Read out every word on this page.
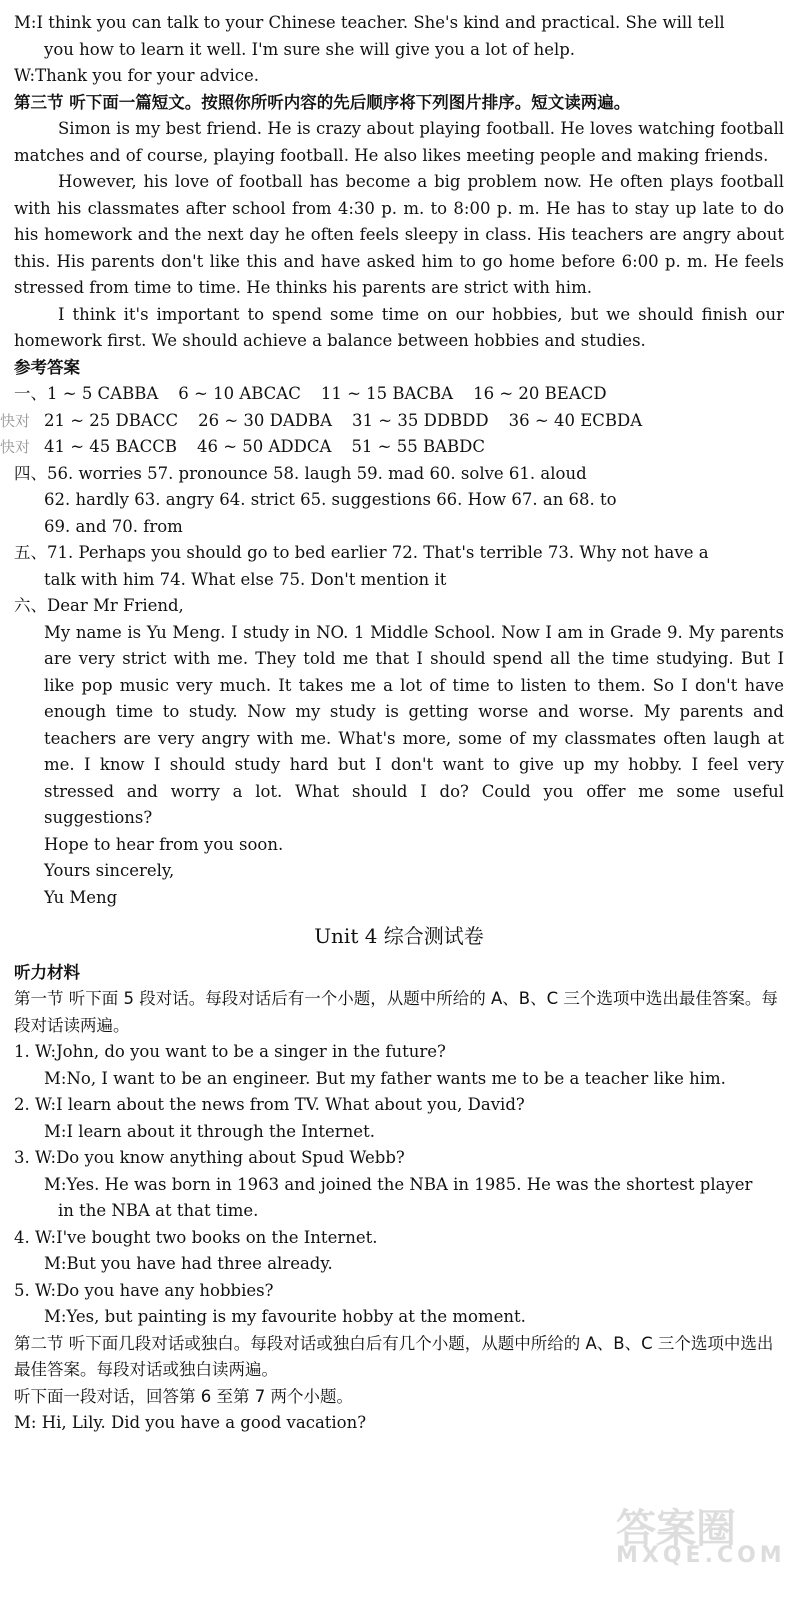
M:I think you can talk to your Chinese teacher. She's kind and practical. She will tell

you how to learn it well. I'm sure she will give you a lot of help.

W:Thank you for your advice.

第三节 听下面一篇短文。按照你所听内容的先后顺序将下列图片排序。短文读两遍。

Simon is my best friend. He is crazy about playing football. He loves watching football matches and of course, playing football. He also likes meeting people and making friends.

However, his love of football has become a big problem now. He often plays football with his classmates after school from 4:30 p. m. to 8:00 p. m. He has to stay up late to do his homework and the next day he often feels sleepy in class. His teachers are angry about this. His parents don't like this and have asked him to go home before 6:00 p. m. He feels stressed from time to time. He thinks his parents are strict with him.

I think it's important to spend some time on our hobbies, but we should finish our homework first. We should achieve a balance between hobbies and studies.

参考答案

一、1 ~ 5 CABBA 6 ~ 10 ABCAC 11 ~ 15 BACBA 16 ~ 20 BEACD
快对 21 ~ 25 DBACC 26 ~ 30 DADBA 31 ~ 35 DDBDD 36 ~ 40 ECBDA
快对 41 ~ 45 BACCB 46 ~ 50 ADDCA 51 ~ 55 BABDC

四、56. worries 57. pronounce 58. laugh 59. mad 60. solve 61. aloud

62. hardly 63. angry 64. strict 65. suggestions 66. How 67. an 68. to

69. and 70. from

五、71. Perhaps you should go to bed earlier 72. That's terrible 73. Why not have a

talk with him 74. What else 75. Don't mention it

六、Dear Mr Friend,

My name is Yu Meng. I study in NO. 1 Middle School. Now I am in Grade 9. My parents are very strict with me. They told me that I should spend all the time studying. But I like pop music very much. It takes me a lot of time to listen to them. So I don't have enough time to study. Now my study is getting worse and worse. My parents and teachers are very angry with me. What's more, some of my classmates often laugh at me. I know I should study hard but I don't want to give up my hobby. I feel very stressed and worry a lot. What should I do? Could you offer me some useful suggestions?

Hope to hear from you soon.

Yours sincerely,

Yu Meng

Unit 4 综合测试卷

听力材料

第一节 听下面 5 段对话。每段对话后有一个小题，从题中所给的 A、B、C 三个选项中选出最佳答案。每段对话读两遍。

1. W:John, do you want to be a singer in the future?

M:No, I want to be an engineer. But my father wants me to be a teacher like him.

2. W:I learn about the news from TV. What about you, David?

M:I learn about it through the Internet.

3. W:Do you know anything about Spud Webb?

M:Yes. He was born in 1963 and joined the NBA in 1985. He was the shortest player

in the NBA at that time.

4. W:I've bought two books on the Internet.

M:But you have had three already.

5. W:Do you have any hobbies?

M:Yes, but painting is my favourite hobby at the moment.

第二节 听下面几段对话或独白。每段对话或独白后有几个小题，从题中所给的 A、B、C 三个选项中选出最佳答案。每段对话或独白读两遍。

听下面一段对话，回答第 6 至第 7 两个小题。

M: Hi, Lily. Did you have a good vacation?

答案圈
MXQE.COM
